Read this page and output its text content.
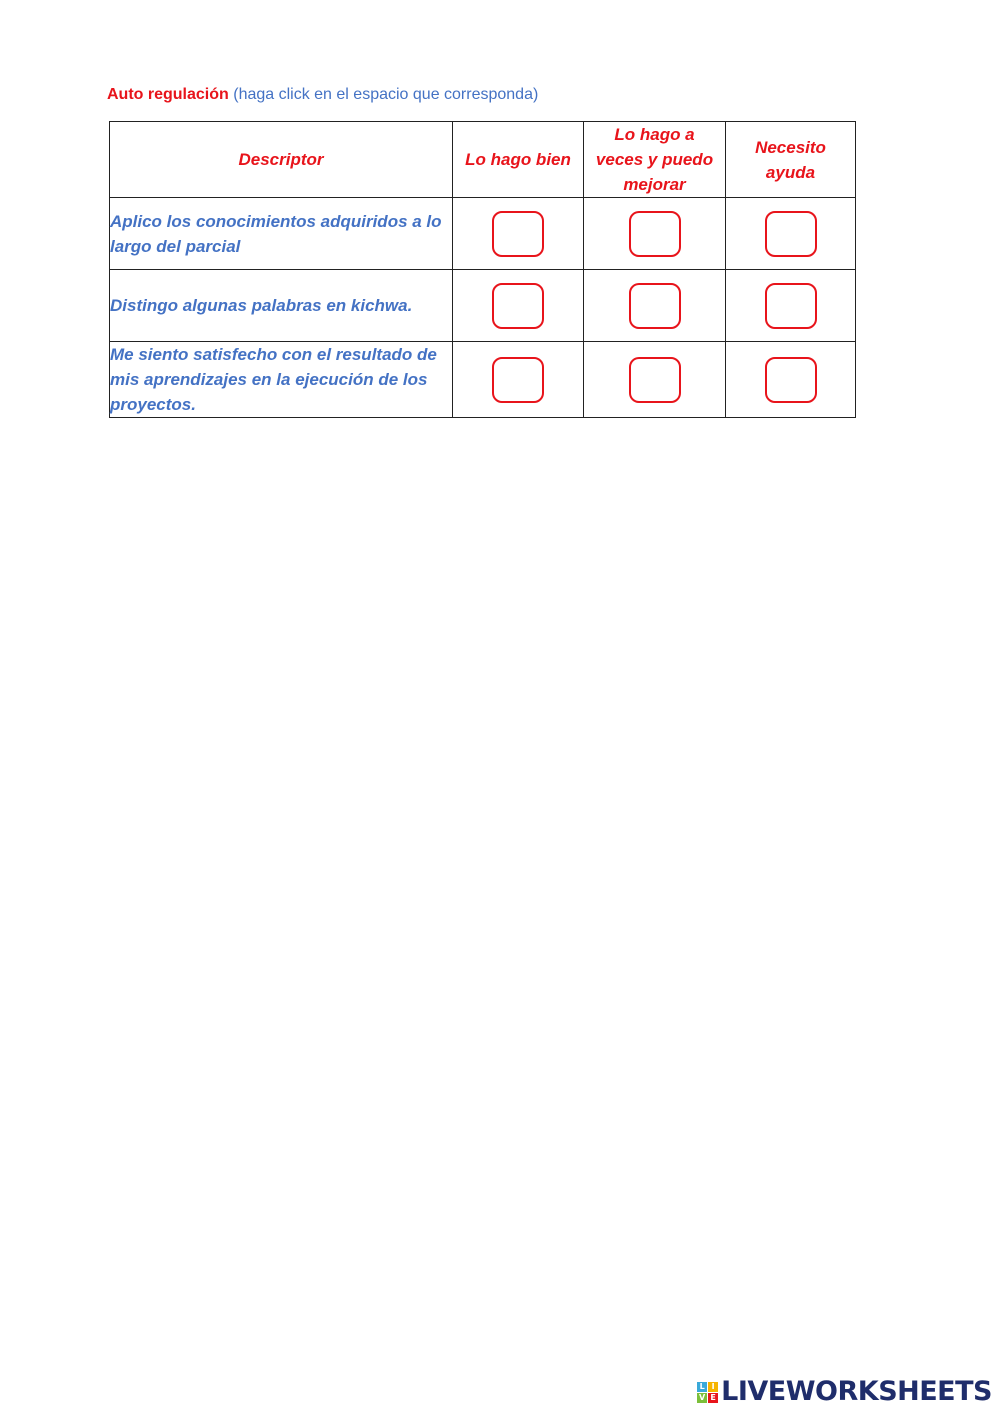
Auto regulación (haga click en el espacio que corresponda)
Descriptor	Lo hago bien	Lo hago a veces y puedo mejorar	Necesito ayuda
Aplico los conocimientos adquiridos a lo largo del parcial			
Distingo algunas palabras en kichwa.			
Me siento satisfecho con el resultado de mis aprendizajes en la ejecución de los proyectos.			
L I
V E LIVEWORKSHEETS
